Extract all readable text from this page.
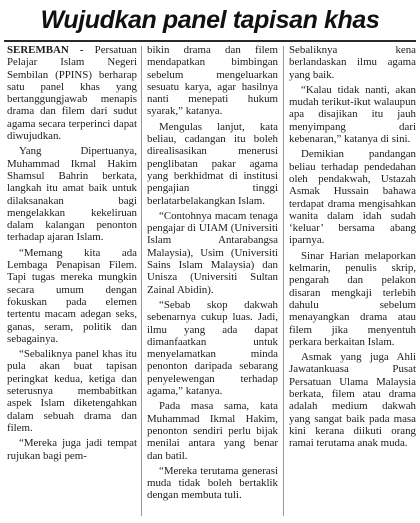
Wujudkan panel tapisan khas

SEREMBAN - Persatuan Pelajar Islam Negeri Sembilan (PPINS) berharap satu panel khas yang bertanggungjawab menapis drama dan filem dari sudut agama secara terperinci dapat diwujudkan.

Yang Dipertuanya, Muhammad Ikmal Hakim Shamsul Bahrin berkata, langkah itu amat baik untuk dilaksanakan bagi mengelakkan kekeliruan dalam kalangan penonton terhadap ajaran Islam.

“Memang kita ada Lembaga Penapisan Filem. Tapi tugas mereka mungkin secara umum dengan fokuskan pada elemen tertentu macam adegan seks, ganas, seram, politik dan sebagainya.

“Sebaliknya panel khas itu pula akan buat tapisan peringkat kedua, ketiga dan seterusnya membabitkan aspek Islam diketengahkan dalam sebuah drama dan filem.

“Mereka juga jadi tempat rujukan bagi pem-

bikin drama dan filem mendapatkan bimbingan sebelum mengeluarkan sesuatu karya, agar hasilnya nanti menepati hukum syarak,” katanya.

Mengulas lanjut, kata beliau, cadangan itu boleh direalisasikan menerusi penglibatan pakar agama yang berkhidmat di institusi pengajian tinggi berlatarbelakangkan Islam.

“Contohnya macam tenaga pengajar di UIAM (Universiti Islam Antarabangsa Malaysia), Usim (Universiti Sains Islam Malaysia) dan Unisza (Universiti Sultan Zainal Abidin).

“Sebab skop dakwah sebenarnya cukup luas. Jadi, ilmu yang ada dapat dimanfaatkan untuk menyelamatkan minda penonton daripada sebarang penyelewengan terhadap agama,” katanya.

Pada masa sama, kata Muhammad Ikmal Hakim, penonton sendiri perlu bijak menilai antara yang benar dan batil.

“Mereka terutama generasi muda tidak boleh bertaklik dengan membuta tuli.

Sebaliknya kena berlandaskan ilmu agama yang baik.

“Kalau tidak nanti, akan mudah terikut-ikut walaupun apa disajikan itu jauh menyimpang dari kebenaran,” katanya di sini.

Demikian pandangan beliau terhadap pendedahan oleh pendakwah, Ustazah Asmak Hussain bahawa terdapat drama mengisahkan wanita dalam idah sudah ‘keluar’ bersama abang iparnya.

Sinar Harian melaporkan kelmarin, penulis skrip, pengarah dan pelakon disaran mengkaji terlebih dahulu sebelum menayangkan drama atau filem jika menyentuh perkara berkaitan Islam.

Asmak yang juga Ahli Jawatankuasa Pusat Persatuan Ulama Malaysia berkata, filem atau drama adalah medium dakwah yang sangat baik pada masa kini kerana diikuti orang ramai terutama anak muda.
